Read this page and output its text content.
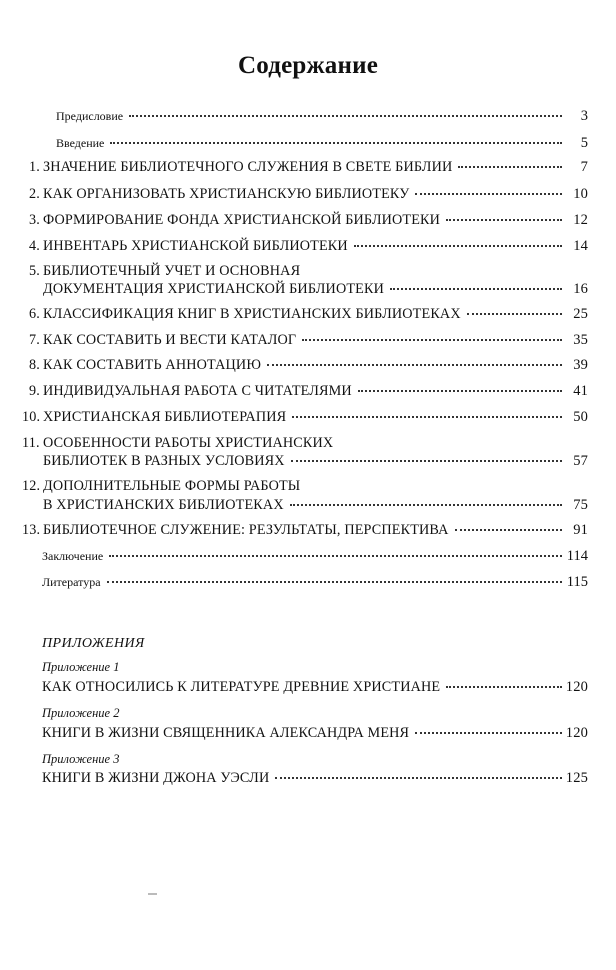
Содержание
Предисловие	3
Введение	5
1. ЗНАЧЕНИЕ БИБЛИОТЕЧНОГО СЛУЖЕНИЯ В СВЕТЕ БИБЛИИ	7
2. КАК ОРГАНИЗОВАТЬ ХРИСТИАНСКУЮ БИБЛИОТЕКУ	10
3. ФОРМИРОВАНИЕ ФОНДА ХРИСТИАНСКОЙ БИБЛИОТЕКИ	12
4. ИНВЕНТАРЬ ХРИСТИАНСКОЙ БИБЛИОТЕКИ	14
5. БИБЛИОТЕЧНЫЙ УЧЕТ И ОСНОВНАЯ
ДОКУМЕНТАЦИЯ ХРИСТИАНСКОЙ БИБЛИОТЕКИ	16
6. КЛАССИФИКАЦИЯ КНИГ В ХРИСТИАНСКИХ БИБЛИОТЕКАХ	25
7. КАК СОСТАВИТЬ И ВЕСТИ КАТАЛОГ	35
8. КАК СОСТАВИТЬ АННОТАЦИЮ	39
9. ИНДИВИДУАЛЬНАЯ РАБОТА С ЧИТАТЕЛЯМИ	41
10. ХРИСТИАНСКАЯ БИБЛИОТЕРАПИЯ	50
11. ОСОБЕННОСТИ РАБОТЫ ХРИСТИАНСКИХ
БИБЛИОТЕК В РАЗНЫХ УСЛОВИЯХ	57
12. ДОПОЛНИТЕЛЬНЫЕ ФОРМЫ РАБОТЫ
В ХРИСТИАНСКИХ БИБЛИОТЕКАХ	75
13. БИБЛИОТЕЧНОЕ СЛУЖЕНИЕ: РЕЗУЛЬТАТЫ, ПЕРСПЕКТИВА	91
Заключение	114
Литература	115
ПРИЛОЖЕНИЯ
Приложение 1
КАК ОТНОСИЛИСЬ К ЛИТЕРАТУРЕ ДРЕВНИЕ ХРИСТИАНЕ	120
Приложение 2
КНИГИ В ЖИЗНИ СВЯЩЕННИКА АЛЕКСАНДРА МЕНЯ	120
Приложение 3
КНИГИ В ЖИЗНИ ДЖОНА УЭСЛИ	125
